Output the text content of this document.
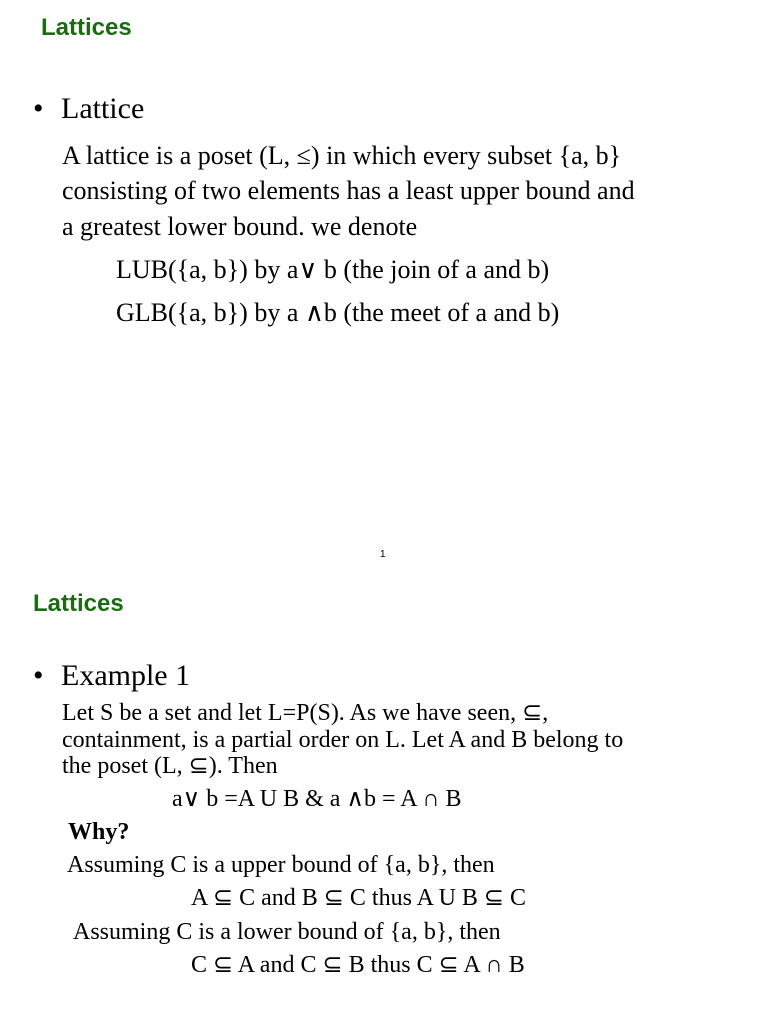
Lattices
• Lattice
A lattice is a poset (L, ≤) in which every subset {a, b}
consisting of two elements has a least upper bound and
a greatest lower bound. we denote
LUB({a, b}) by a∨ b (the join of a and b)
GLB({a, b}) by a ∧b (the meet of a and b)
1
Lattices
• Example 1
Let S be a set and let L=P(S). As we have seen, ⊆,
containment, is a partial order on L. Let A and B belong to
the poset (L, ⊆). Then
a∨ b =A U B & a ∧b = A ∩ B
Why?
Assuming C is a upper bound of {a, b}, then
A ⊆ C and B ⊆ C thus A U B ⊆ C
Assuming C is a lower bound of {a, b}, then
C ⊆ A and C ⊆ B thus C ⊆ A ∩ B
